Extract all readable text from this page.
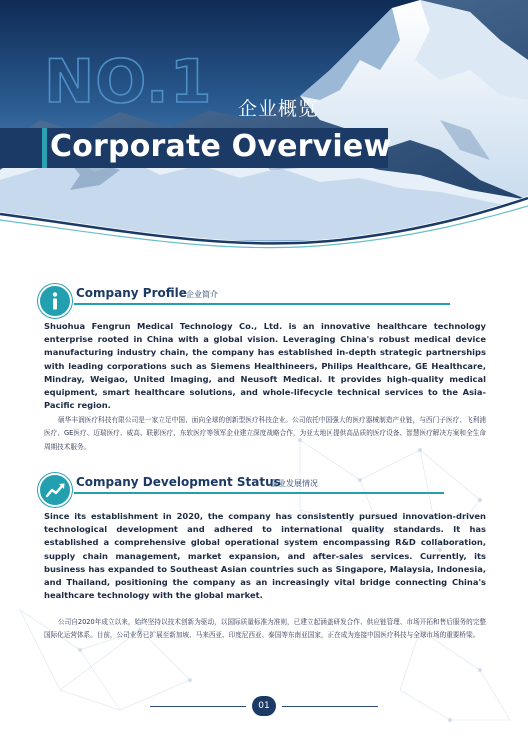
NO.1 企业概览
Corporate Overview
Company Profile 企业简介
Shuohua Fengrun Medical Technology Co., Ltd. is an innovative healthcare technology enterprise rooted in China with a global vision. Leveraging China's robust medical device manufacturing industry chain, the company has established in-depth strategic partnerships with leading corporations such as Siemens Healthineers, Philips Healthcare, GE Healthcare, Mindray, Weigao, United Imaging, and Neusoft Medical. It provides high-quality medical equipment, smart healthcare solutions, and whole-lifecycle technical services to the Asia-Pacific region.
硕华丰润医疗科技有限公司是一家立足中国、面向全球的创新型医疗科技企业。公司依托中国强大的医疗器械制造产业链，与西门子医疗、飞利浦医疗、GE医疗、迈瑞医疗、威高、联影医疗、东软医疗等领军企业建立深度战略合作，为亚太地区提供高品质的医疗设备、智慧医疗解决方案和全生命周期技术服务。
Company Development Status
企业发展情况
Since its establishment in 2020, the company has consistently pursued innovation-driven technological development and adhered to international quality standards. It has established a comprehensive global operational system encompassing R&D collaboration, supply chain management, market expansion, and after-sales services. Currently, its business has expanded to Southeast Asian countries such as Singapore, Malaysia, Indonesia, and Thailand, positioning the company as an increasingly vital bridge connecting China's healthcare technology with the global market.
公司自2020年成立以来，始终坚持以技术创新为驱动，以国际质量标准为准则，已建立起涵盖研发合作、供应链管理、市场开拓和售后服务的完整国际化运营体系。目前，公司业务已扩展至新加坡、马来西亚、印度尼西亚、泰国等东南亚国家，正在成为连接中国医疗科技与全球市场的重要桥梁。
01
